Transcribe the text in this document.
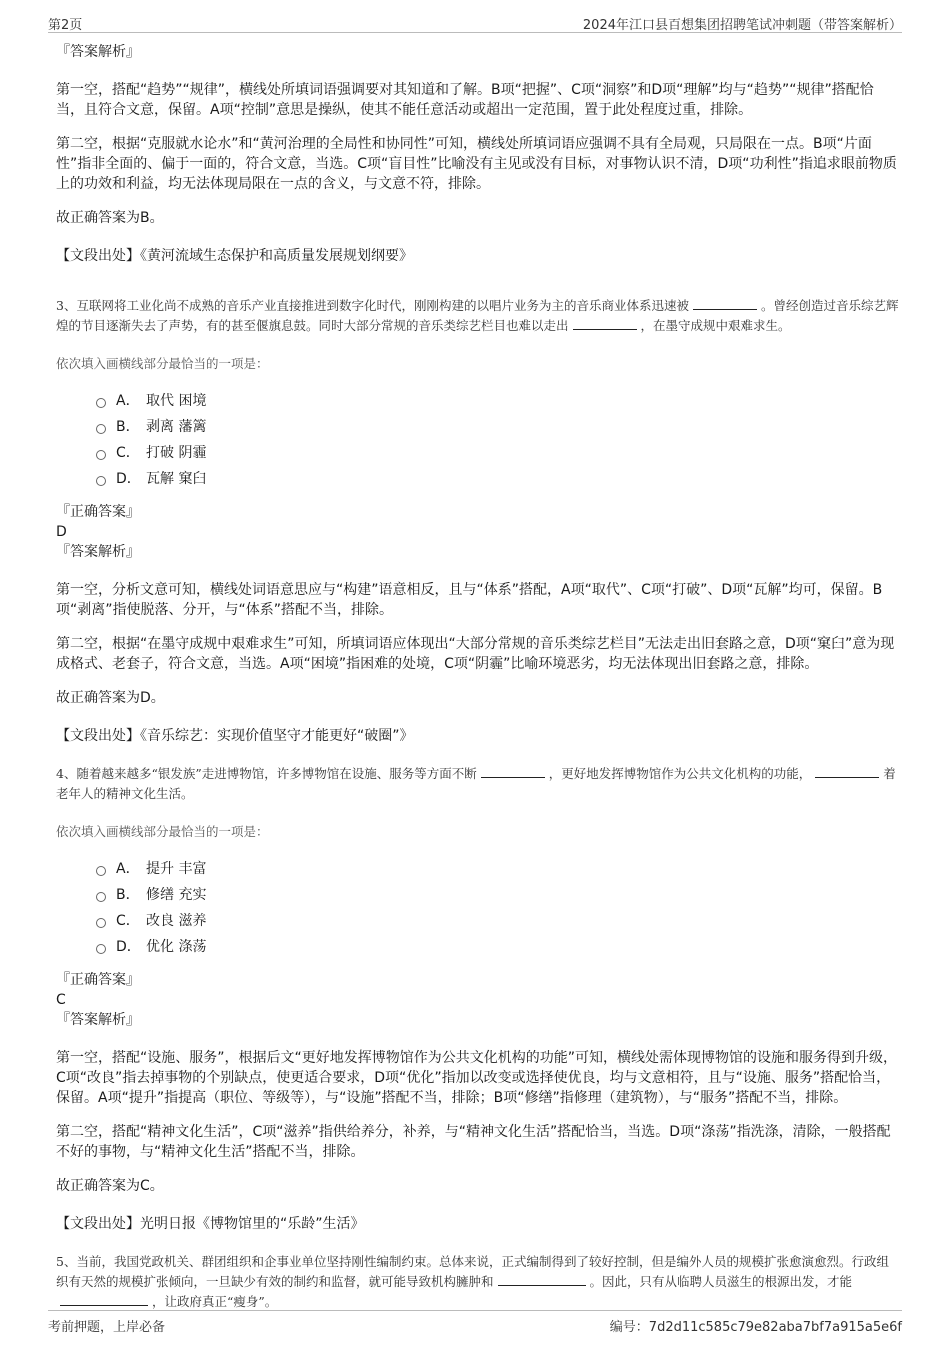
第2页	2024年江口县百想集团招聘笔试冲刺题（带答案解析）

『答案解析』

第一空，搭配“趋势”“规律”，横线处所填词语强调要对其知道和了解。B项“把握”、C项“洞察”和D项“理解”均与“趋势”“规律”搭配恰当，且符合文意，保留。A项“控制”意思是操纵，使其不能任意活动或超出一定范围，置于此处程度过重，排除。

第二空，根据“克服就水论水”和“黄河治理的全局性和协同性”可知，横线处所填词语应强调不具有全局观，只局限在一点。B项“片面性”指非全面的、偏于一面的，符合文意，当选。C项“盲目性”比喻没有主见或没有目标，对事物认识不清，D项“功利性”指追求眼前物质上的功效和利益，均无法体现局限在一点的含义，与文意不符，排除。

故正确答案为B。

【文段出处】《黄河流域生态保护和高质量发展规划纲要》

3、互联网将工业化尚不成熟的音乐产业直接推进到数字化时代，刚刚构建的以唱片业务为主的音乐商业体系迅速被	。曾经创造过音乐综艺辉煌的节目逐渐失去了声势，有的甚至偃旗息鼓。同时大部分常规的音乐类综艺栏目也难以走出	，在墨守成规中艰难求生。

依次填入画横线部分最恰当的一项是：

A． 取代 困境
B． 剥离 藩篱
C． 打破 阴霾
D． 瓦解 窠臼

『正确答案』

D

『答案解析』

第一空，分析文意可知，横线处词语意思应与“构建”语意相反，且与“体系”搭配，A项“取代”、C项“打破”、D项“瓦解”均可，保留。B项“剥离”指使脱落、分开，与“体系”搭配不当，排除。

第二空，根据“在墨守成规中艰难求生”可知，所填词语应体现出“大部分常规的音乐类综艺栏目”无法走出旧套路之意，D项“窠臼”意为现成格式、老套子，符合文意，当选。A项“困境”指困难的处境，C项“阴霾”比喻环境恶劣，均无法体现出旧套路之意，排除。

故正确答案为D。

【文段出处】《音乐综艺：实现价值坚守才能更好“破圈”》

4、随着越来越多“银发族”走进博物馆，许多博物馆在设施、服务等方面不断	，更好地发挥博物馆作为公共文化机构的功能，	着老年人的精神文化生活。

依次填入画横线部分最恰当的一项是：

A． 提升 丰富
B． 修缮 充实
C． 改良 滋养
D． 优化 涤荡

『正确答案』

C

『答案解析』

第一空，搭配“设施、服务”，根据后文“更好地发挥博物馆作为公共文化机构的功能”可知，横线处需体现博物馆的设施和服务得到升级，C项“改良”指去掉事物的个别缺点，使更适合要求，D项“优化”指加以改变或选择使优良，均与文意相符，且与“设施、服务”搭配恰当，保留。A项“提升”指提高（职位、等级等），与“设施”搭配不当，排除；B项“修缮”指修理（建筑物），与“服务”搭配不当，排除。

第二空，搭配“精神文化生活”，C项“滋养”指供给养分，补养，与“精神文化生活”搭配恰当，当选。D项“涤荡”指洗涤，清除，一般搭配不好的事物，与“精神文化生活”搭配不当，排除。

故正确答案为C。

【文段出处】光明日报《博物馆里的“乐龄”生活》

5、当前，我国党政机关、群团组织和企事业单位坚持刚性编制约束。总体来说，正式编制得到了较好控制，但是编外人员的规模扩张愈演愈烈。行政组织有天然的规模扩张倾向，一旦缺少有效的制约和监督，就可能导致机构臃肿和	。因此，只有从临聘人员滋生的根源出发，才能，让政府真正“瘦身”。

考前押题，上岸必备	编号：7d2d11c585c79e82aba7bf7a915a5e6f
